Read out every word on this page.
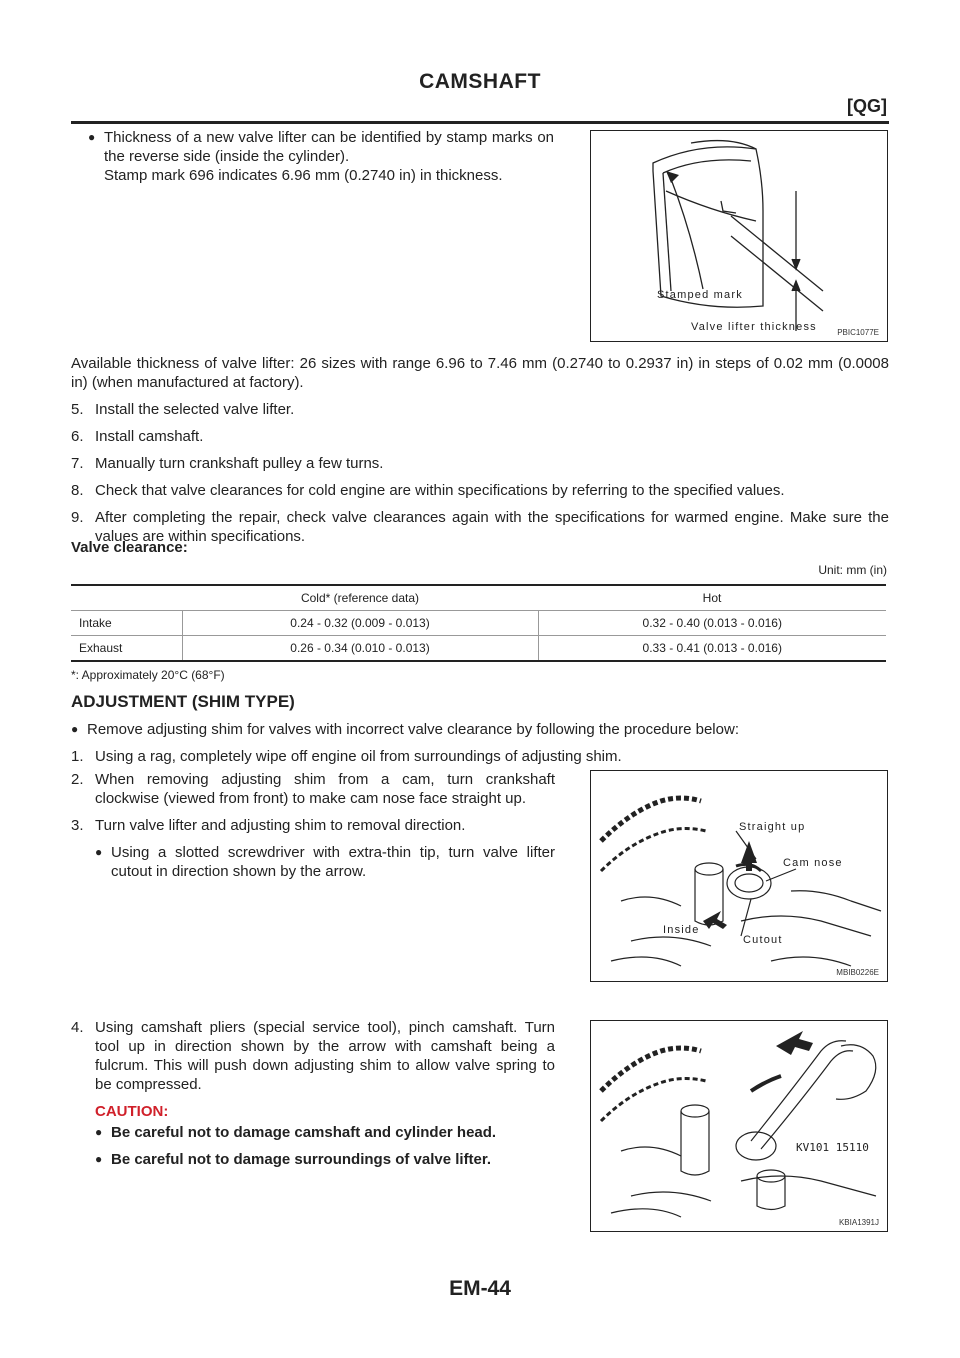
CAMSHAFT
[QG]
● Thickness of a new valve lifter can be identified by stamp marks on the reverse side (inside the cylinder).
Stamp mark 696 indicates 6.96 mm (0.2740 in) in thickness.
Stamped mark
Valve lifter thickness	PBIC1077E
Available thickness of valve lifter: 26 sizes with range 6.96 to 7.46 mm (0.2740 to 0.2937 in) in steps of 0.02 mm (0.0008 in) (when manufactured at factory).
5. Install the selected valve lifter.
6. Install camshaft.
7. Manually turn crankshaft pulley a few turns.
8. Check that valve clearances for cold engine are within specifications by referring to the specified values.
9. After completing the repair, check valve clearances again with the specifications for warmed engine. Make sure the values are within specifications.
Valve clearance:
Unit: mm (in)
	Cold* (reference data)	Hot
Intake	0.24 - 0.32 (0.009 - 0.013)	0.32 - 0.40 (0.013 - 0.016)
Exhaust	0.26 - 0.34 (0.010 - 0.013)	0.33 - 0.41 (0.013 - 0.016)
*: Approximately 20°C (68°F)
ADJUSTMENT (SHIM TYPE)
● Remove adjusting shim for valves with incorrect valve clearance by following the procedure below:
1. Using a rag, completely wipe off engine oil from surroundings of adjusting shim.
2. When removing adjusting shim from a cam, turn crankshaft clockwise (viewed from front) to make cam nose face straight up.
3. Turn valve lifter and adjusting shim to removal direction.
● Using a slotted screwdriver with extra-thin tip, turn valve lifter cutout in direction shown by the arrow.
Straight up
Cam nose
Inside
Cutout
MBIB0226E
4. Using camshaft pliers (special service tool), pinch camshaft. Turn tool up in direction shown by the arrow with camshaft being a fulcrum. This will push down adjusting shim to allow valve spring to be compressed.
CAUTION:
● Be careful not to damage camshaft and cylinder head.
● Be careful not to damage surroundings of valve lifter.
KV101 15110
KBIA1391J
EM-44
